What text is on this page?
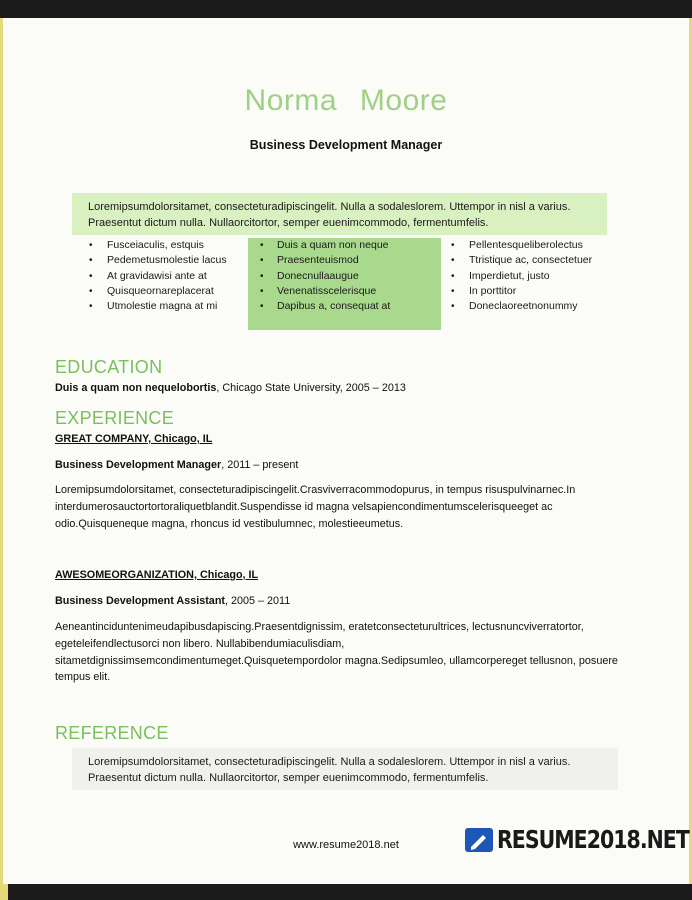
Norma Moore
Business Development Manager
Loremipsumdolorsitamet, consecteturadipiscingelit. Nulla a sodaleslorem. Uttempor in nisl a varius.
Praesentut dictum nulla. Nullaorcitortor, semper euenimcommodo, fermentumfelis.
• Fusceiaculis, estquis
• Pedemetusmolestie lacus
• At gravidawisi ante at
• Quisqueornareplacerat
• Utmolestie magna at mi
• Duis a quam non neque
• Praesenteuismod
• Donecnullaaugue
• Venenatisscelerisque
• Dapibus a, consequat at
• Pellentesqueliberolectus
• Ttristique ac, consectetuer
• Imperdietut, justo
• In porttitor
• Doneclaoreetnonummy
EDUCATION
Duis a quam non nequelobortis, Chicago State University, 2005 – 2013
EXPERIENCE
GREAT COMPANY, Chicago, IL
Business Development Manager, 2011 – present
Loremipsumdolorsitamet, consecteturadipiscingelit.Crasviverracommodopurus, in tempus risuspulvinarnec.In
interdumerosauctortortoraliquetblandit.Suspendisse id magna velsapiencondimentumscelerisqueeget ac
odio.Quisqueneque magna, rhoncus id vestibulumnec, molestieeumetus.
AWESOMEORGANIZATION, Chicago, IL
Business Development Assistant, 2005 – 2011
Aeneantinciduntenimeudapibusdapiscing.Praesentdignissim, eratetconsecteturultrices, lectusnuncviverratortor,
egeteleifendlectusorci non libero. Nullabibendumiaculisdiam,
sitametdignissimsemcondimentumeget.Quisquetempordolor magna.Sedipsumleo, ullamcorpereget tellusnon, posuere
tempus elit.
REFERENCE
Loremipsumdolorsitamet, consecteturadipiscingelit. Nulla a sodaleslorem. Uttempor in nisl a varius.
Praesentut dictum nulla. Nullaorcitortor, semper euenimcommodo, fermentumfelis.
www.resume2018.net	RESUME2018.NET
